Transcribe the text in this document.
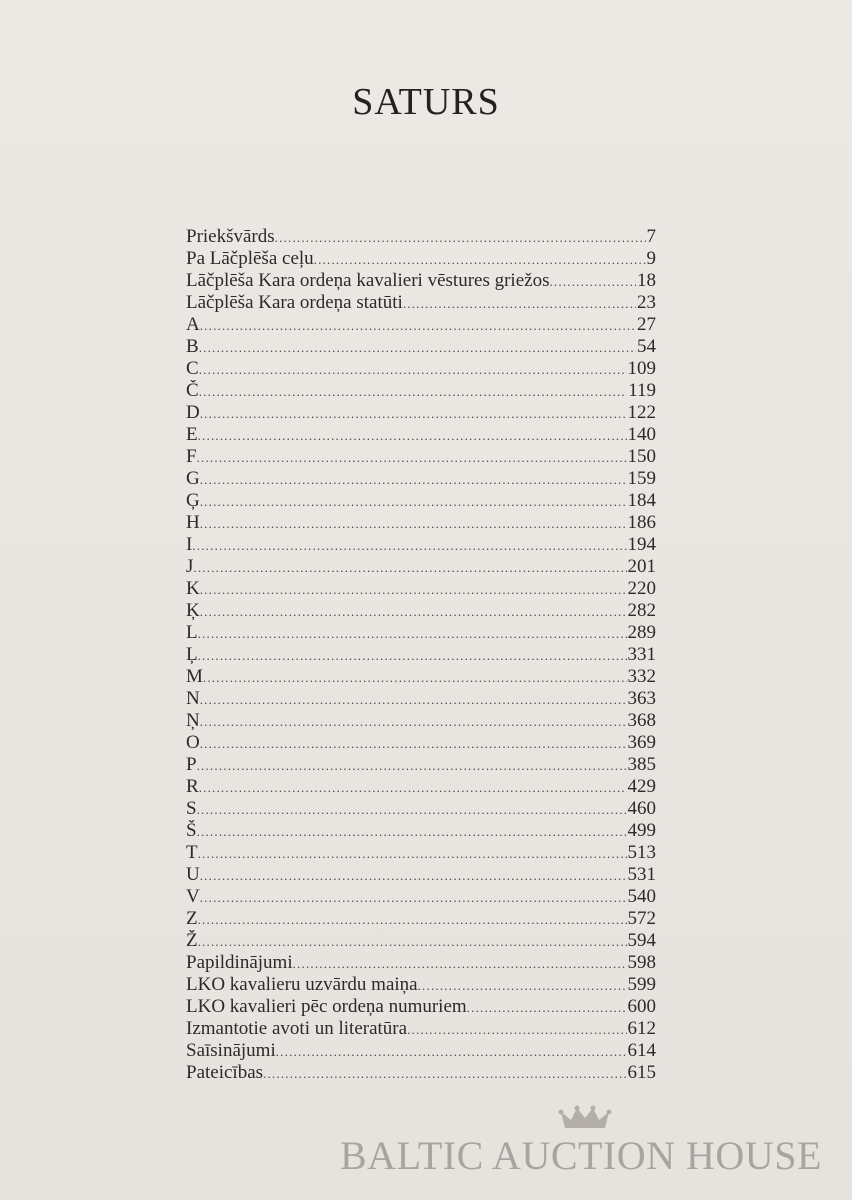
SATURS
Priekšvārds .....	7
Pa Lāčplēša ceļu .....	9
Lāčplēša Kara ordeņa kavalieri vēstures griežos .....	18
Lāčplēša Kara ordeņa statūti .....	23
A .....	27
B .....	54
C .....	109
Č .....	119
D .....	122
E .....	140
F .....	150
G .....	159
Ģ .....	184
H .....	186
I .....	194
J .....	201
K .....	220
Ķ .....	282
L .....	289
Ļ .....	331
M .....	332
N .....	363
Ņ .....	368
O .....	369
P .....	385
R .....	429
S .....	460
Š .....	499
T .....	513
U .....	531
V .....	540
Z .....	572
Ž .....	594
Papildinājumi .....	598
LKO kavalieru uzvārdu maiņa .....	599
LKO kavalieri pēc ordeņa numuriem .....	600
Izmantotie avoti un literatūra .....	612
Saīsinājumi .....	614
Pateicības .....	615
BALTIC AUCTION HOUSE
